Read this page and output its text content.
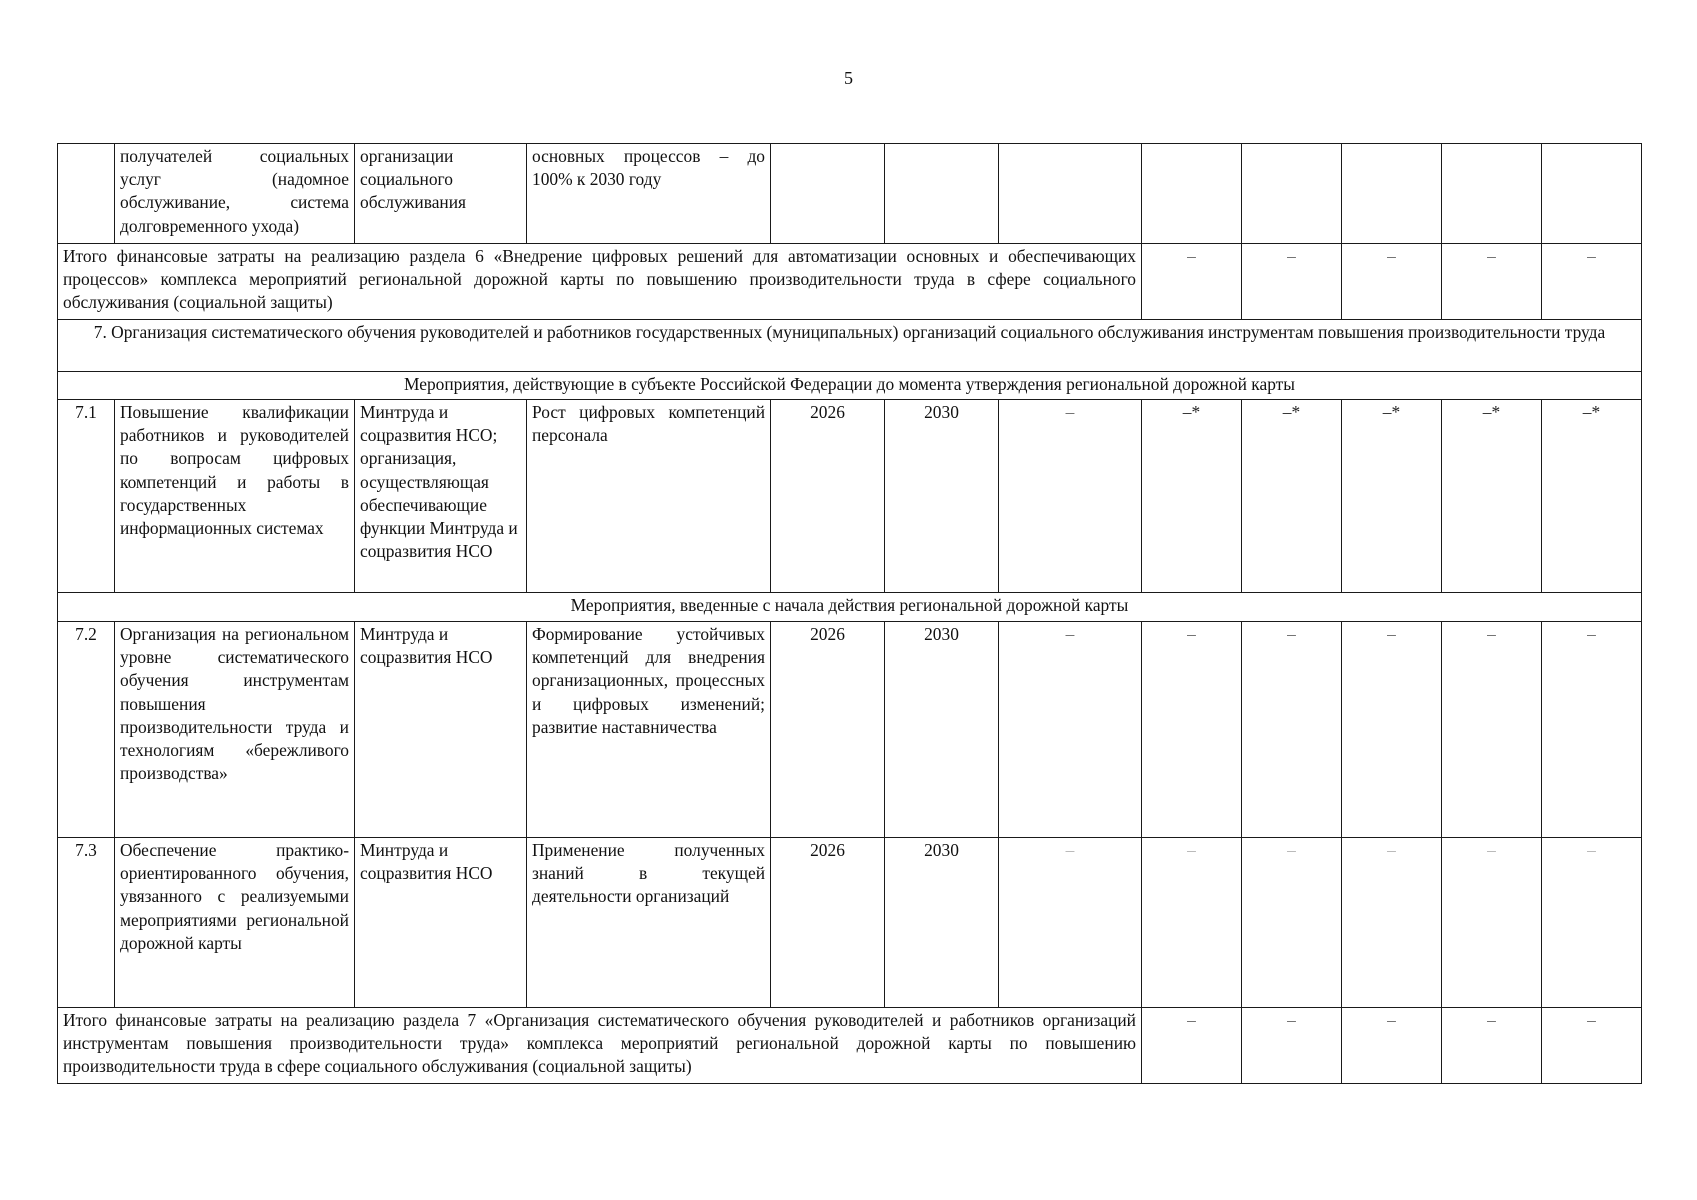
5
	получателей социальных услуг (надомное обслуживание, система долговременного ухода)	организации социального обслуживания	основных процессов – до 100% к 2030 году								
Итого финансовые затраты на реализацию раздела 6 «Внедрение цифровых решений для автоматизации основных и обеспечивающих процессов» комплекса мероприятий региональной дорожной карты по повышению производительности труда в сфере социального обслуживания (социальной защиты)							–	–	–	–	–
7. Организация систематического обучения руководителей и работников государственных (муниципальных) организаций социального обслуживания инструментам повышения производительности труда											
Мероприятия, действующие в субъекте Российской Федерации до момента утверждения региональной дорожной карты											
7.1	Повышение квалификации работников и руководителей по вопросам цифровых компетенций и работы в государственных информационных системах	Минтруда и соцразвития НСО; организация, осуществляющая обеспечивающие функции Минтруда и соцразвития НСО	Рост цифровых компетенций персонала	2026	2030	–	–*	–*	–*	–*	–*
Мероприятия, введенные с начала действия региональной дорожной карты											
7.2	Организация на региональном уровне систематического обучения инструментам повышения производительности труда и технологиям «бережливого производства»	Минтруда и соцразвития НСО	Формирование устойчивых компетенций для внедрения организационных, процессных и цифровых изменений; развитие наставничества	2026	2030	–	–	–	–	–	–
7.3	Обеспечение практико-ориентированного обучения, увязанного с реализуемыми мероприятиями региональной дорожной карты	Минтруда и соцразвития НСО	Применение полученных знаний в текущей деятельности организаций	2026	2030	–	–	–	–	–	–
Итого финансовые затраты на реализацию раздела 7 «Организация систематического обучения руководителей и работников организаций инструментам повышения производительности труда» комплекса мероприятий региональной дорожной карты по повышению производительности труда в сфере социального обслуживания (социальной защиты)							–	–	–	–	–
